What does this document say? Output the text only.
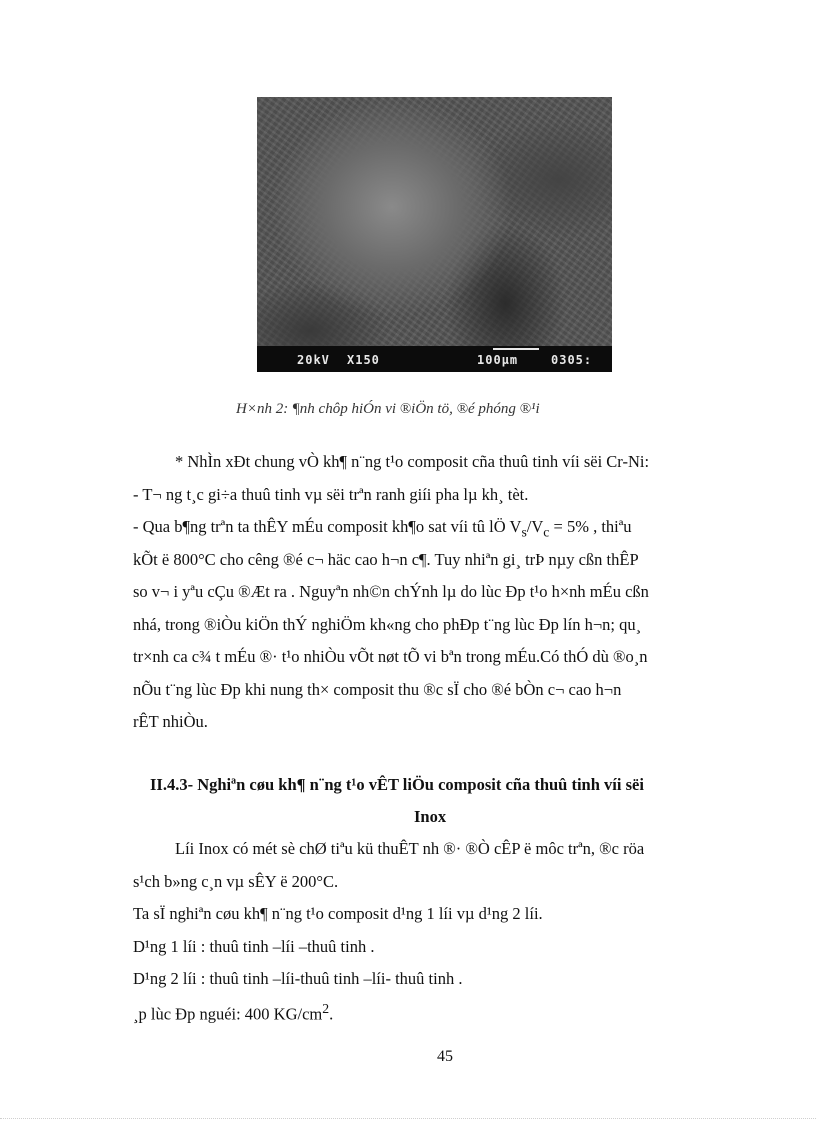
20kV X150	100µm	0305:
H×nh 2: ¶nh chôp hiÓn vi ®iÖn tö, ®é phóng ®¹i
* NhÌn xÐt chung vÒ kh¶ n¨ng t¹o composit cña thuû tinh víi sëi Cr-Ni:
- T¬ ng t¸c gi÷a thuû tinh vµ sëi trªn ranh giíi pha lµ kh¸ tèt.
- Qua b¶ng trªn ta thÊY mÉu composit kh¶o sat víi tû lÖ $V_s/V_c = 5\%$ , thiªu
kÕt ë 800°C cho cêng ®é c¬ häc cao h¬n c¶. Tuy nhiªn gi¸ trÞ nµy cßn thÊP
so v¬ i yªu cÇu ®Æt ra . Nguyªn nh©n chÝnh lµ do lùc Ðp t¹o h×nh mÉu cßn
nhá, trong ®iÒu kiÖn thÝ nghiÖm kh«ng cho phÐp t¨ng lùc Ðp lín h¬n; qu¸
tr×nh ca c¾ t mÉu ®· t¹o nhiÒu vÕt nøt tÕ vi bªn trong mÉu.Có thÓ dù ®o¸n
nÕu t¨ng lùc Ðp khi nung th× composit thu ®c sÏ cho ®é bÒn c¬ cao h¬n
rÊT nhiÒu.
II.4.3- Nghiªn cøu kh¶ n¨ng t¹o vÊT liÖu composit cña thuû tinh víi sëi
Inox
Líi Inox có mét sè chØ tiªu kü thuÊT nh ®· ®Ò cÊP ë môc trªn, ®c röa
s¹ch b»ng c¸n vµ sÊY ë 200°C.
Ta sÏ nghiªn cøu kh¶ n¨ng t¹o composit d¹ng 1 líi vµ d¹ng 2 líi.
D¹ng 1 líi : thuû tinh –líi –thuû tinh .
D¹ng 2 líi : thuû tinh –líi-thuû tinh –líi- thuû tinh .
¸p lùc Ðp nguéi: 400 $KG/cm^2$.
45
